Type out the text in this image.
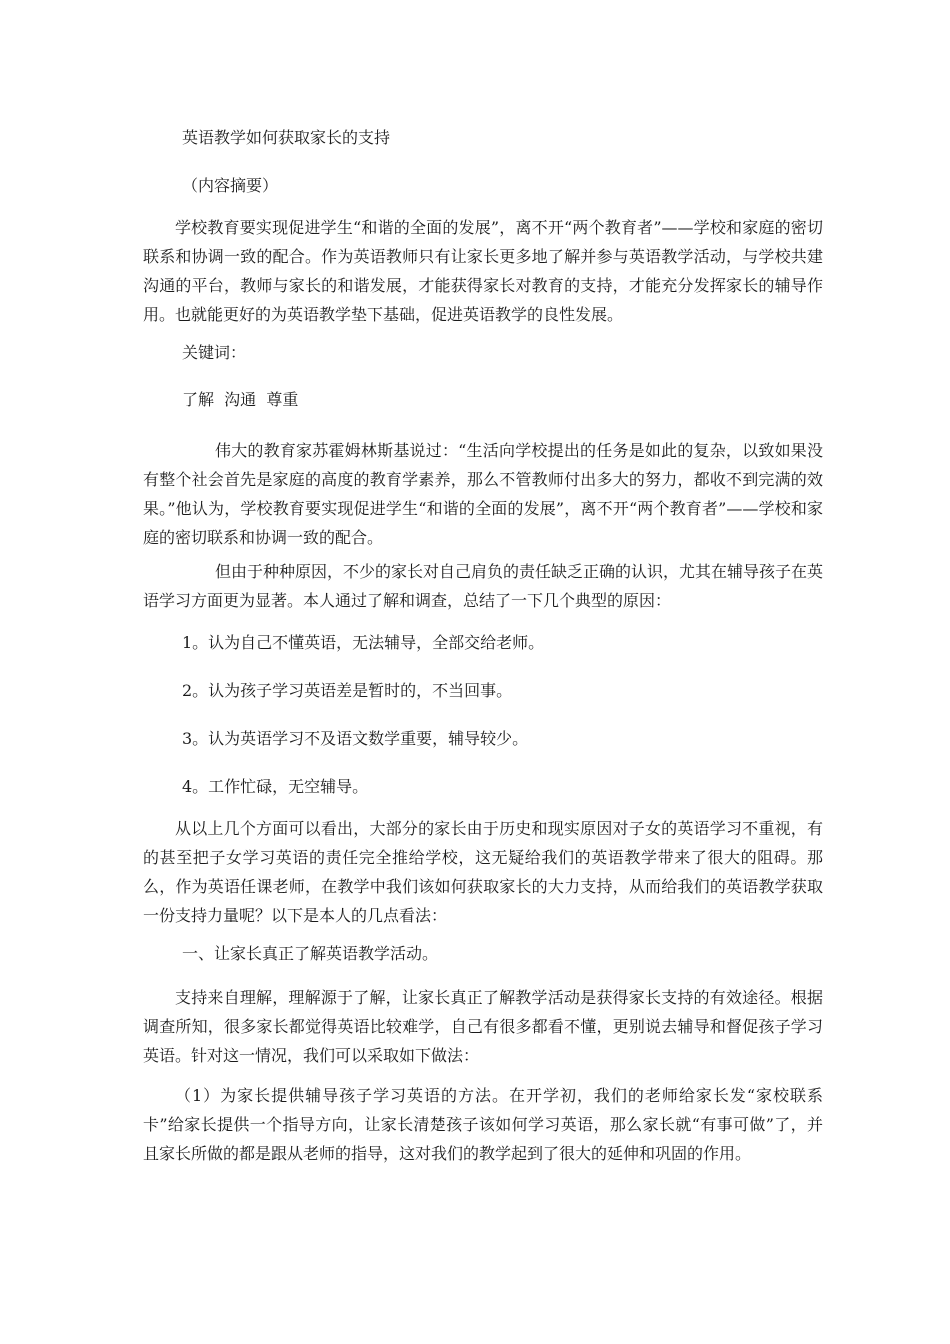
英语教学如何获取家长的支持
（内容摘要）

学校教育要实现促进学生“和谐的全面的发展”，离不开“两个教育者”——学校和家庭的密切联系和协调一致的配合。作为英语教师只有让家长更多地了解并参与英语教学活动，与学校共建沟通的平台，教师与家长的和谐发展，才能获得家长对教育的支持，才能充分发挥家长的辅导作用。也就能更好的为英语教学垫下基础，促进英语教学的良性发展。

关键词：
了解  沟通  尊重

伟大的教育家苏霍姆林斯基说过：“生活向学校提出的任务是如此的复杂，以致如果没有整个社会首先是家庭的高度的教育学素养，那么不管教师付出多大的努力，都收不到完满的效果。”他认为，学校教育要实现促进学生“和谐的全面的发展”，离不开“两个教育者”——学校和家庭的密切联系和协调一致的配合。

但由于种种原因，不少的家长对自己肩负的责任缺乏正确的认识，尤其在辅导孩子在英语学习方面更为显著。本人通过了解和调查，总结了一下几个典型的原因：

1。认为自己不懂英语，无法辅导，全部交给老师。
2。认为孩子学习英语差是暂时的，不当回事。
3。认为英语学习不及语文数学重要，辅导较少。
4。工作忙碌，无空辅导。

从以上几个方面可以看出，大部分的家长由于历史和现实原因对子女的英语学习不重视，有的甚至把子女学习英语的责任完全推给学校，这无疑给我们的英语教学带来了很大的阻碍。那么，作为英语任课老师，在教学中我们该如何获取家长的大力支持，从而给我们的英语教学获取一份支持力量呢？以下是本人的几点看法：

一、让家长真正了解英语教学活动。

支持来自理解，理解源于了解，让家长真正了解教学活动是获得家长支持的有效途径。根据调查所知，很多家长都觉得英语比较难学，自己有很多都看不懂，更别说去辅导和督促孩子学习英语。针对这一情况，我们可以采取如下做法：

（1）为家长提供辅导孩子学习英语的方法。在开学初，我们的老师给家长发“家校联系卡”给家长提供一个指导方向，让家长清楚孩子该如何学习英语，那么家长就“有事可做”了，并且家长所做的都是跟从老师的指导，这对我们的教学起到了很大的延伸和巩固的作用。
